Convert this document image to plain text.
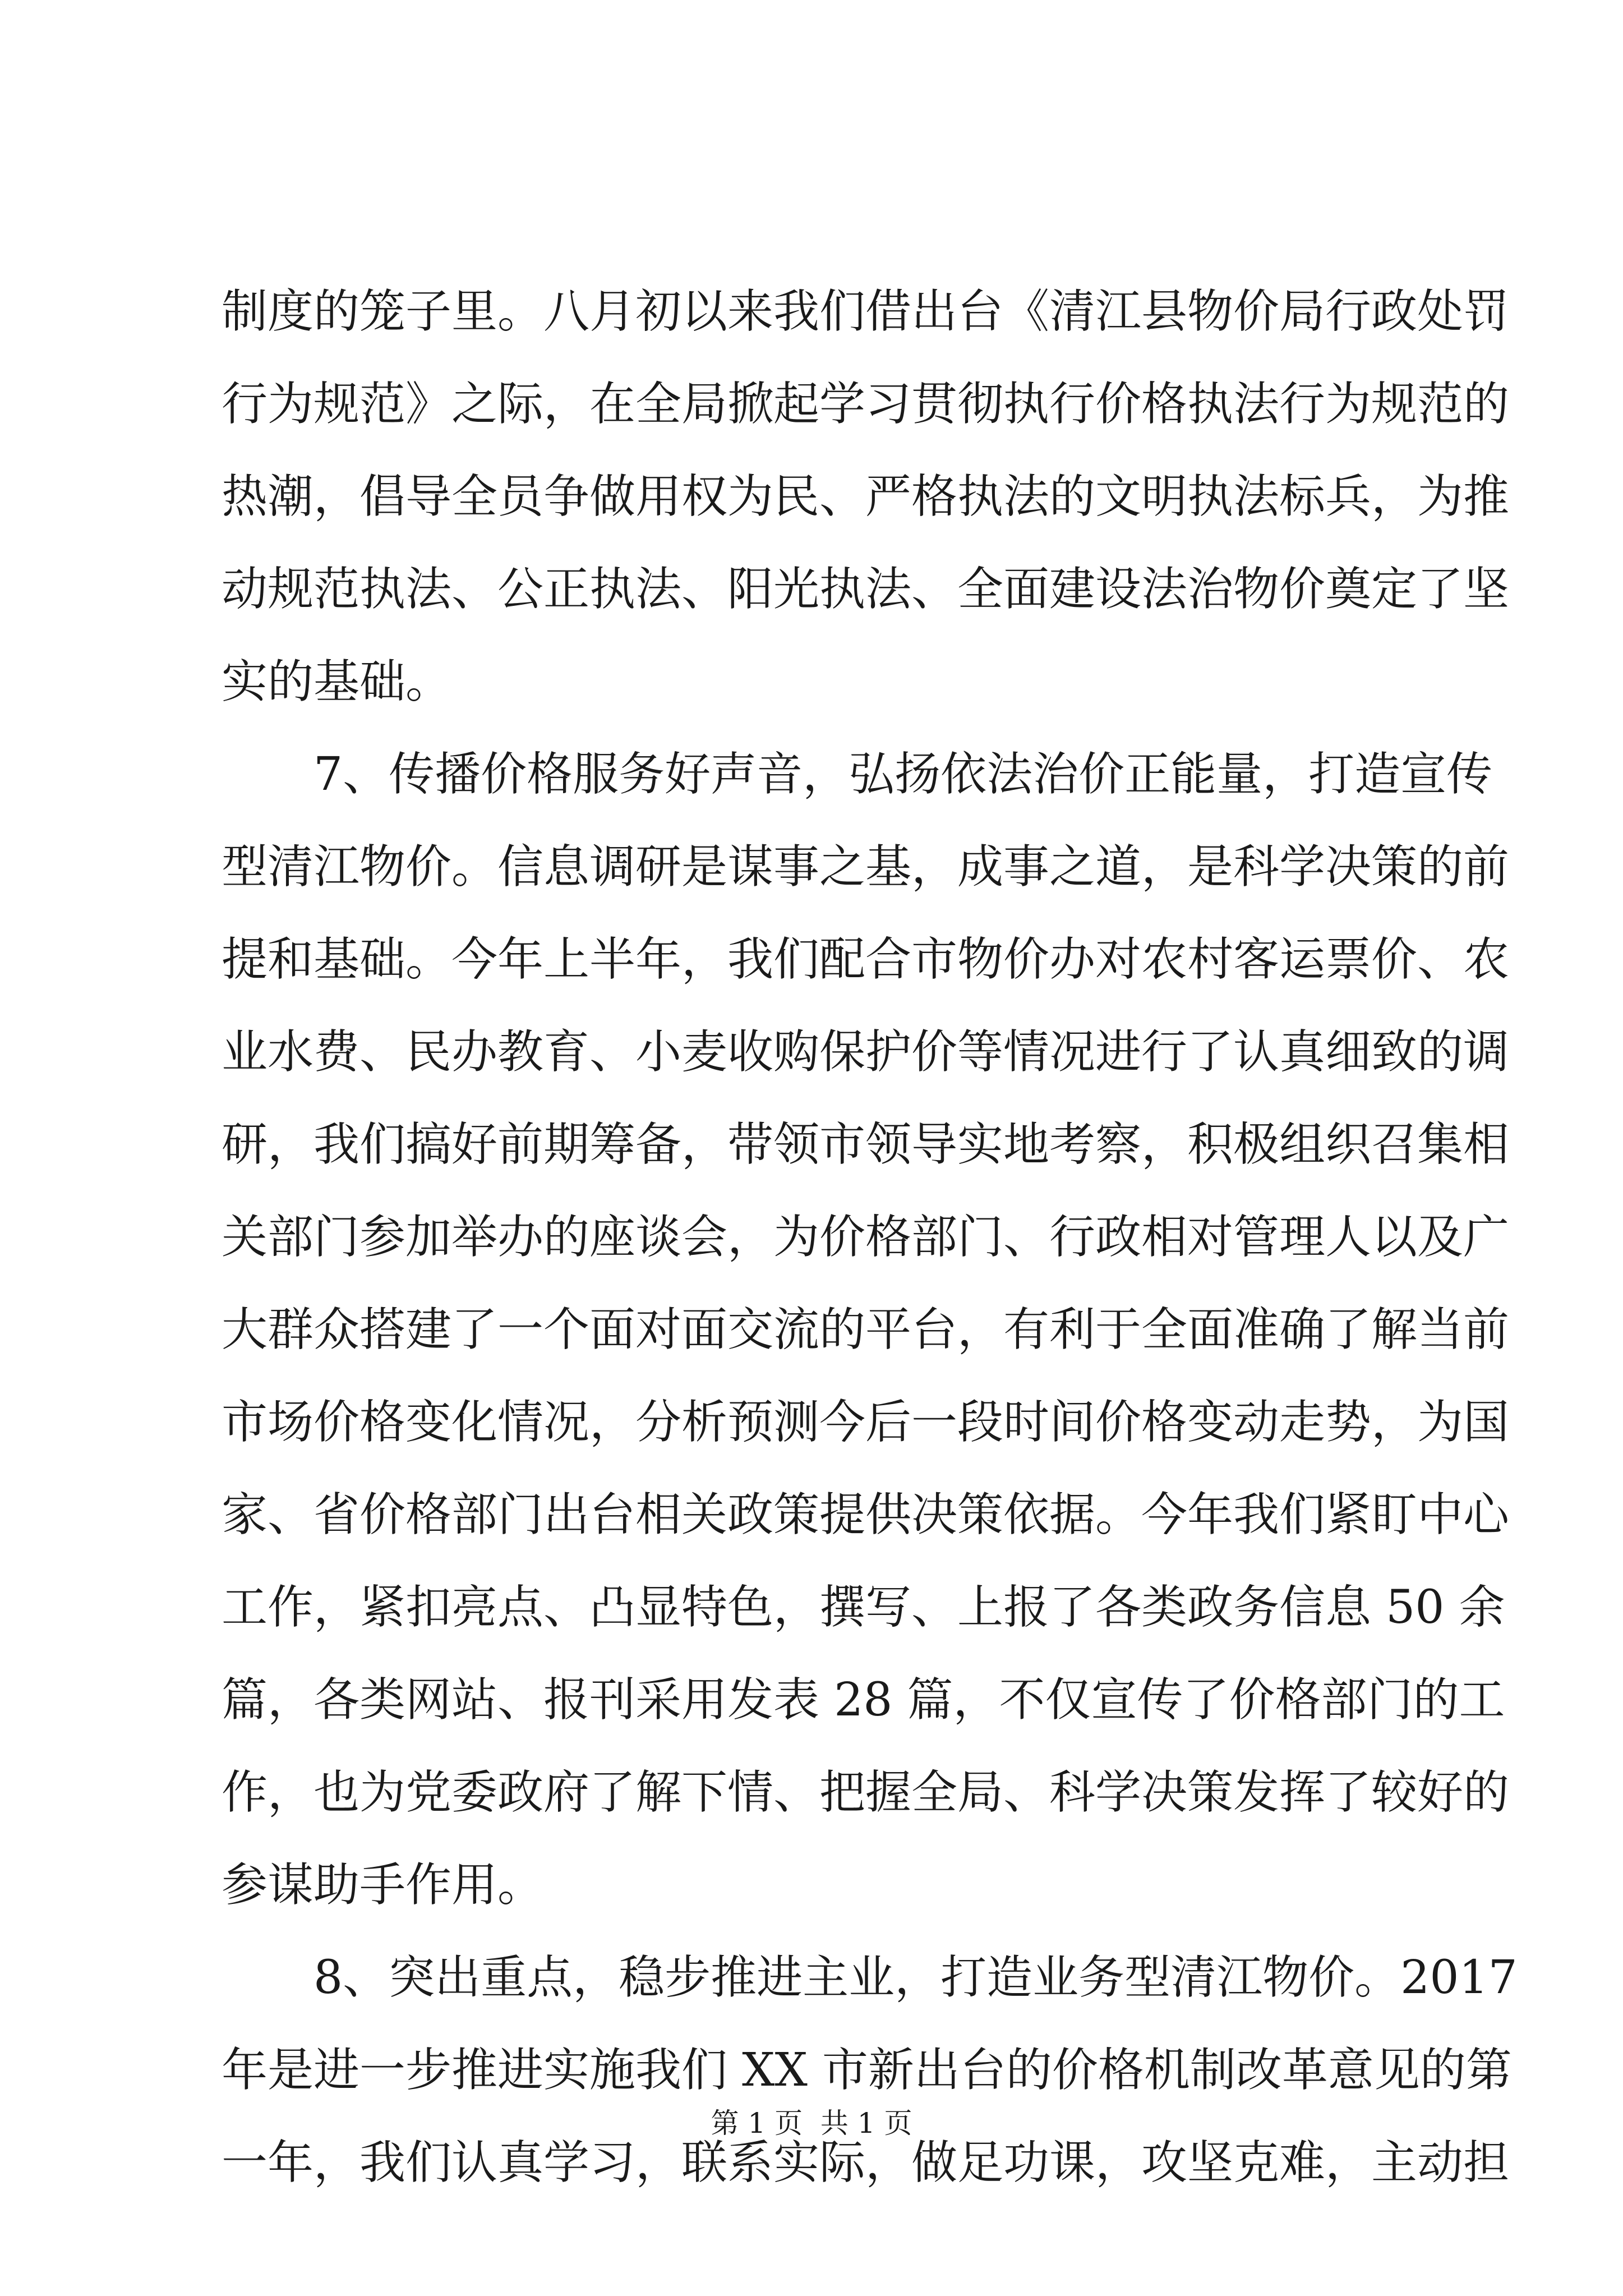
制度的笼子里。八月初以来我们借出台《清江县物价局行政处罚
行为规范》之际，在全局掀起学习贯彻执行价格执法行为规范的
热潮，倡导全员争做用权为民、严格执法的文明执法标兵，为推
动规范执法、公正执法、阳光执法、全面建设法治物价奠定了坚
实的基础。
　　7、传播价格服务好声音，弘扬依法治价正能量，打造宣传
型清江物价。信息调研是谋事之基，成事之道，是科学决策的前
提和基础。今年上半年，我们配合市物价办对农村客运票价、农
业水费、民办教育、小麦收购保护价等情况进行了认真细致的调
研，我们搞好前期筹备，带领市领导实地考察，积极组织召集相
关部门参加举办的座谈会，为价格部门、行政相对管理人以及广
大群众搭建了一个面对面交流的平台，有利于全面准确了解当前
市场价格变化情况，分析预测今后一段时间价格变动走势，为国
家、省价格部门出台相关政策提供决策依据。今年我们紧盯中心
工作，紧扣亮点、凸显特色，撰写、上报了各类政务信息 50 余
篇，各类网站、报刊采用发表 28 篇，不仅宣传了价格部门的工
作，也为党委政府了解下情、把握全局、科学决策发挥了较好的
参谋助手作用。
　　8、突出重点，稳步推进主业，打造业务型清江物价。2017
年是进一步推进实施我们 XX 市新出台的价格机制改革意见的第
一年，我们认真学习，联系实际，做足功课，攻坚克难，主动担
第 1 页  共 1 页
